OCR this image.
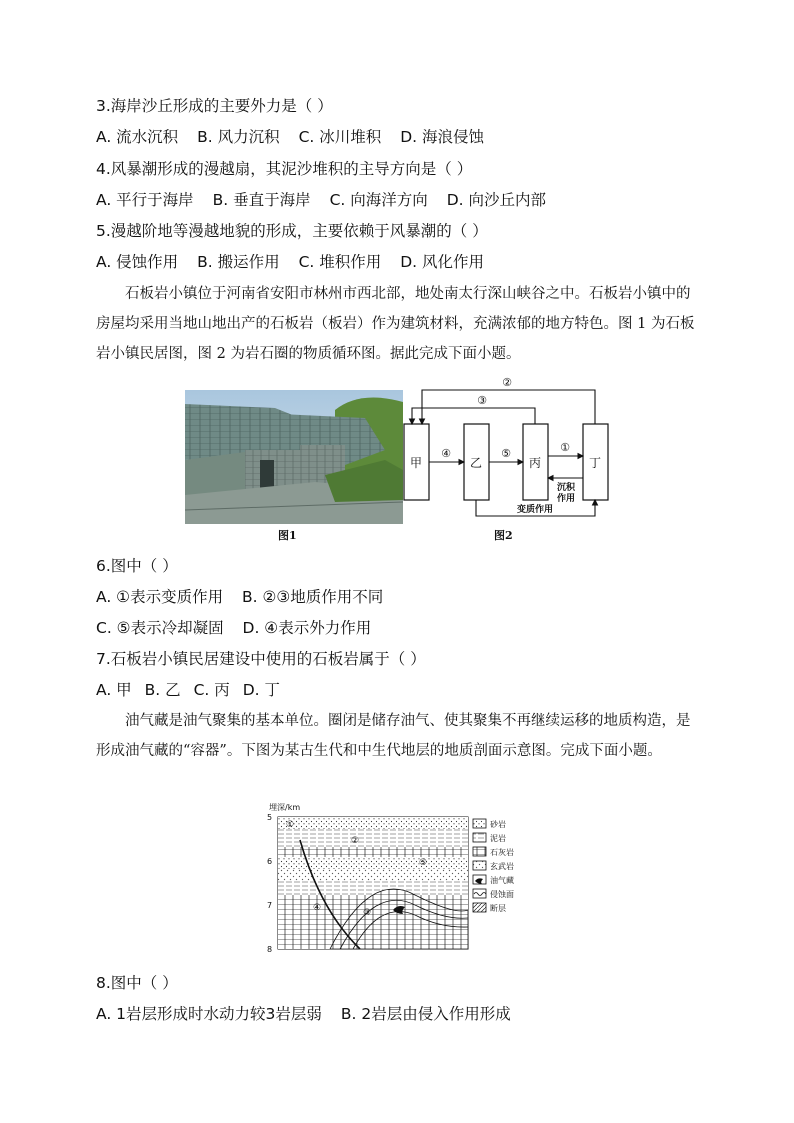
3.海岸沙丘形成的主要外力是（ ）
A. 流水沉积 B. 风力沉积 C. 冰川堆积 D. 海浪侵蚀
4.风暴潮形成的漫越扇，其泥沙堆积的主导方向是（ ）
A. 平行于海岸 B. 垂直于海岸 C. 向海洋方向 D. 向沙丘内部
5.漫越阶地等漫越地貌的形成，主要依赖于风暴潮的（ ）
A. 侵蚀作用 B. 搬运作用 C. 堆积作用 D. 风化作用
石板岩小镇位于河南省安阳市林州市西北部，地处南太行深山峡谷之中。石板岩小镇中的房屋均采用当地山地出产的石板岩（板岩）作为建筑材料，充满浓郁的地方特色。图 1 为石板岩小镇民居图，图 2 为岩石圈的物质循环图。据此完成下面小题。
图1
甲	乙	丙	丁
②
③
④	⑤	①
沉积
作用
变质作用
图2
6.图中（ ）
A. ①表示变质作用 B. ②③地质作用不同
C. ⑤表示冷却凝固 D. ④表示外力作用
7.石板岩小镇民居建设中使用的石板岩属于（ ）
A. 甲 B. 乙 C. 丙 D. 丁
油气藏是油气聚集的基本单位。圈闭是储存油气、使其聚集不再继续运移的地质构造，是形成油气藏的“容器”。下图为某古生代和中生代地层的地质剖面示意图。完成下面小题。
埋深/km
5
6
7
8
①
②
③
④
⑤
砂岩
泥岩
石灰岩
玄武岩
油气藏
侵蚀面
断层
8.图中（ ）
A. 1岩层形成时水动力较3岩层弱 B. 2岩层由侵入作用形成
